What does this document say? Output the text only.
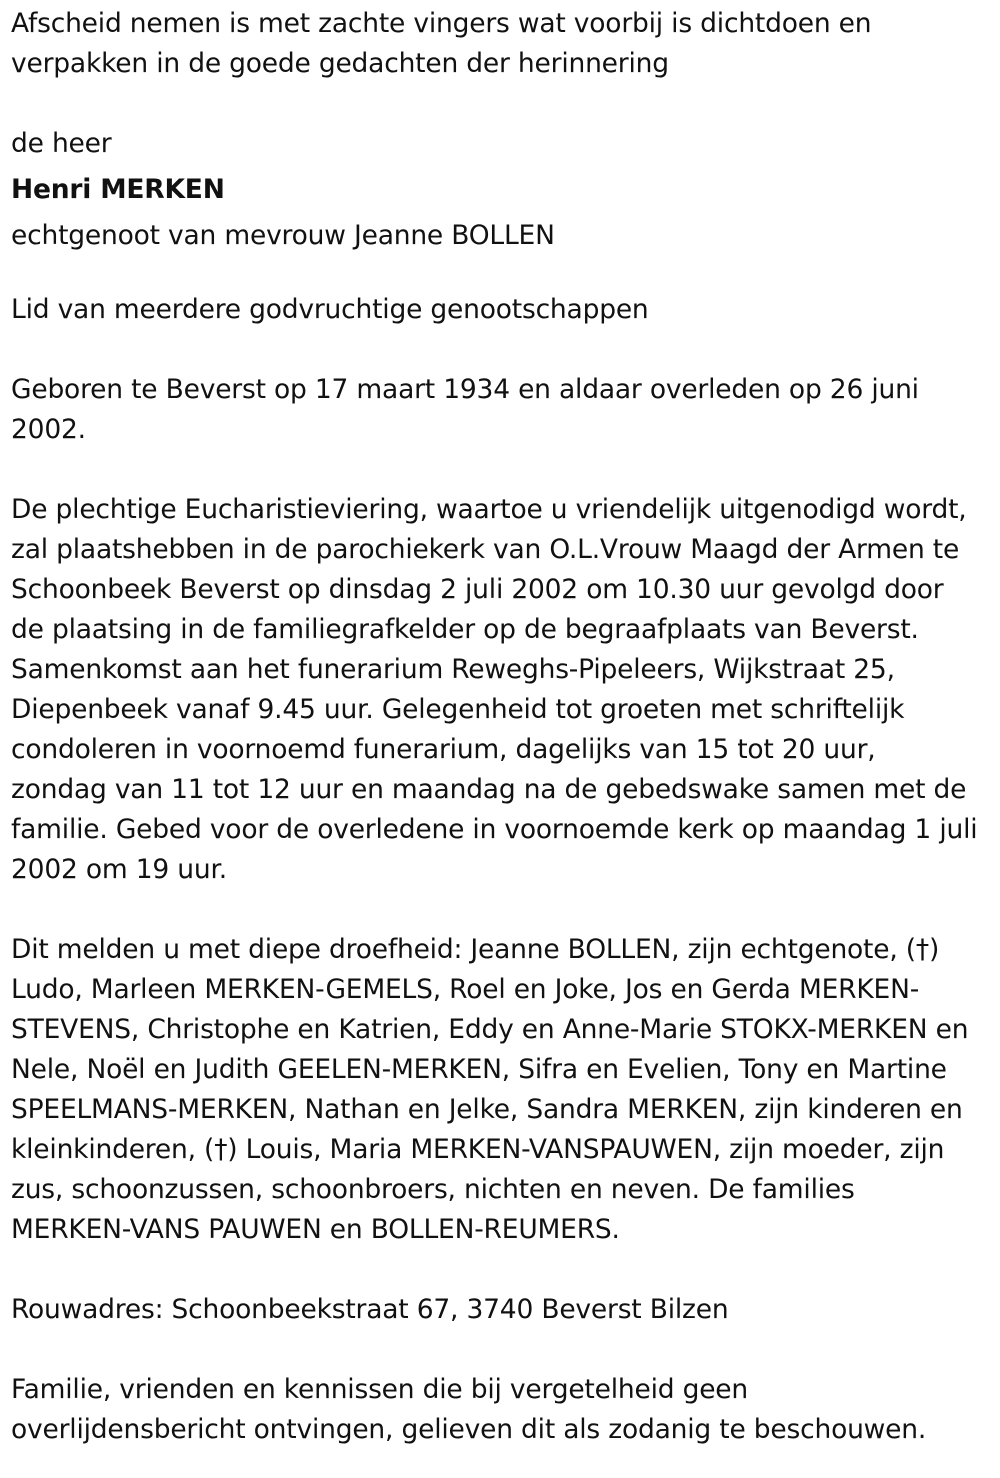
Afscheid nemen is met zachte vingers wat voorbij is dichtdoen en
verpakken in de goede gedachten der herinnering
de heer
Henri MERKEN
echtgenoot van mevrouw Jeanne BOLLEN
Lid van meerdere godvruchtige genootschappen
Geboren te Beverst op 17 maart 1934 en aldaar overleden op 26 juni
2002.
De plechtige Eucharistieviering, waartoe u vriendelijk uitgenodigd wordt,
zal plaatshebben in de parochiekerk van O.L.Vrouw Maagd der Armen te
Schoonbeek Beverst op dinsdag 2 juli 2002 om 10.30 uur gevolgd door
de plaatsing in de familiegrafkelder op de begraafplaats van Beverst.
Samenkomst aan het funerarium Reweghs-Pipeleers, Wijkstraat 25,
Diepenbeek vanaf 9.45 uur. Gelegenheid tot groeten met schriftelijk
condoleren in voornoemd funerarium, dagelijks van 15 tot 20 uur,
zondag van 11 tot 12 uur en maandag na de gebedswake samen met de
familie. Gebed voor de overledene in voornoemde kerk op maandag 1 juli
2002 om 19 uur.
Dit melden u met diepe droefheid: Jeanne BOLLEN, zijn echtgenote, (†)
Ludo, Marleen MERKEN-GEMELS, Roel en Joke, Jos en Gerda MERKEN-
STEVENS, Christophe en Katrien, Eddy en Anne-Marie STOKX-MERKEN en
Nele, Noël en Judith GEELEN-MERKEN, Sifra en Evelien, Tony en Martine
SPEELMANS-MERKEN, Nathan en Jelke, Sandra MERKEN, zijn kinderen en
kleinkinderen, (†) Louis, Maria MERKEN-VANSPAUWEN, zijn moeder, zijn
zus, schoonzussen, schoonbroers, nichten en neven. De families
MERKEN-VANS PAUWEN en BOLLEN-REUMERS.
Rouwadres: Schoonbeekstraat 67, 3740 Beverst Bilzen
Familie, vrienden en kennissen die bij vergetelheid geen
overlijdensbericht ontvingen, gelieven dit als zodanig te beschouwen.
